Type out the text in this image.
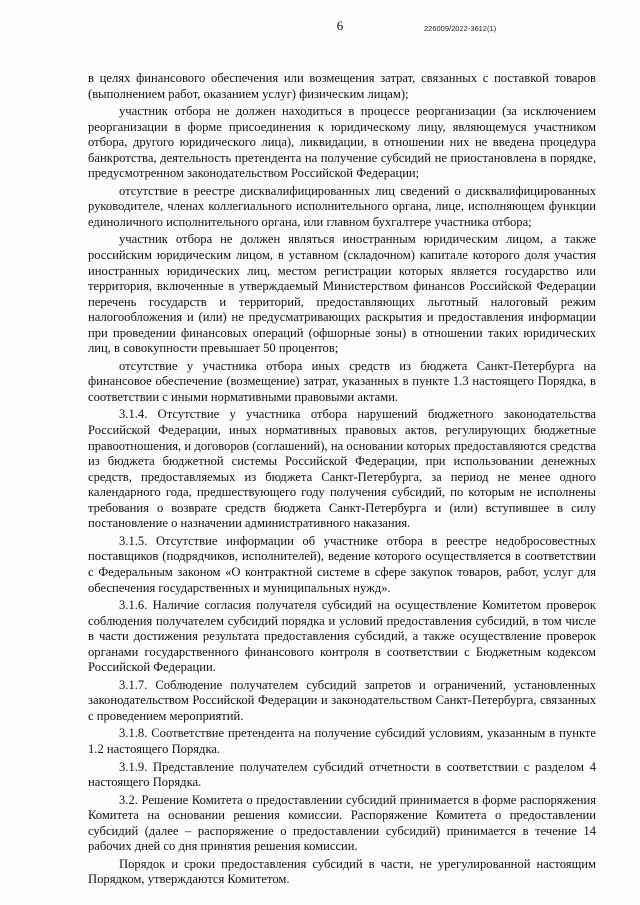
6	226009/2022-3612(1)

в целях финансового обеспечения или возмещения затрат, связанных с поставкой товаров (выполнением работ, оказанием услуг) физическим лицам);

участник отбора не должен находиться в процессе реорганизации (за исключением реорганизации в форме присоединения к юридическому лицу, являющемуся участником отбора, другого юридического лица), ликвидации, в отношении них не введена процедура банкротства, деятельность претендента на получение субсидий не приостановлена в порядке, предусмотренном законодательством Российской Федерации;

отсутствие в реестре дисквалифицированных лиц сведений о дисквалифицированных руководителе, членах коллегиального исполнительного органа, лице, исполняющем функции единоличного исполнительного органа, или главном бухгалтере участника отбора;

участник отбора не должен являться иностранным юридическим лицом, а также российским юридическим лицом, в уставном (складочном) капитале которого доля участия иностранных юридических лиц, местом регистрации которых является государство или территория, включенные в утверждаемый Министерством финансов Российской Федерации перечень государств и территорий, предоставляющих льготный налоговый режим налогообложения и (или) не предусматривающих раскрытия и предоставления информации при проведении финансовых операций (офшорные зоны) в отношении таких юридических лиц, в совокупности превышает 50 процентов;

отсутствие у участника отбора иных средств из бюджета Санкт-Петербурга на финансовое обеспечение (возмещение) затрат, указанных в пункте 1.3 настоящего Порядка, в соответствии с иными нормативными правовыми актами.

3.1.4. Отсутствие у участника отбора нарушений бюджетного законодательства Российской Федерации, иных нормативных правовых актов, регулирующих бюджетные правоотношения, и договоров (соглашений), на основании которых предоставляются средства из бюджета бюджетной системы Российской Федерации, при использовании денежных средств, предоставляемых из бюджета Санкт-Петербурга, за период не менее одного календарного года, предшествующего году получения субсидий, по которым не исполнены требования о возврате средств бюджета Санкт-Петербурга и (или) вступившее в силу постановление о назначении административного наказания.

3.1.5. Отсутствие информации об участнике отбора в реестре недобросовестных поставщиков (подрядчиков, исполнителей), ведение которого осуществляется в соответствии с Федеральным законом «О контрактной системе в сфере закупок товаров, работ, услуг для обеспечения государственных и муниципальных нужд».

3.1.6. Наличие согласия получателя субсидий на осуществление Комитетом проверок соблюдения получателем субсидий порядка и условий предоставления субсидий, в том числе в части достижения результата предоставления субсидий, а также осуществление проверок органами государственного финансового контроля в соответствии с Бюджетным кодексом Российской Федерации.

3.1.7. Соблюдение получателем субсидий запретов и ограничений, установленных законодательством Российской Федерации и законодательством Санкт-Петербурга, связанных с проведением мероприятий.

3.1.8. Соответствие претендента на получение субсидий условиям, указанным в пункте 1.2 настоящего Порядка.

3.1.9. Представление получателем субсидий отчетности в соответствии с разделом 4 настоящего Порядка.

3.2. Решение Комитета о предоставлении субсидий принимается в форме распоряжения Комитета на основании решения комиссии. Распоряжение Комитета о предоставлении субсидий (далее – распоряжение о предоставлении субсидий) принимается в течение 14 рабочих дней со дня принятия решения комиссии.

Порядок и сроки предоставления субсидий в части, не урегулированной настоящим Порядком, утверждаются Комитетом.
